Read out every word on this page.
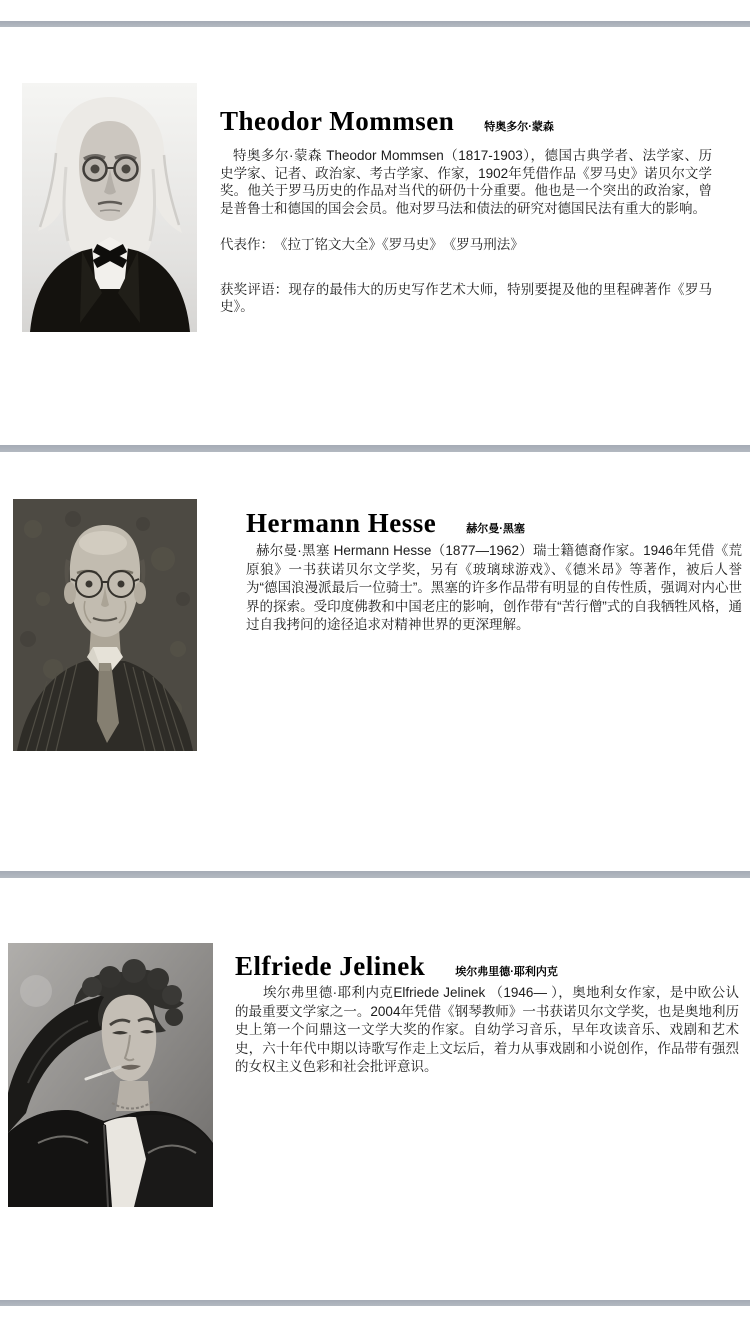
Theodor Mommsen	特奥多尔·蒙森
特奥多尔·蒙森 Theodor Mommsen（1817-1903），德国古典学者、法学家、历史学家、记者、政治家、考古学家、作家，1902年凭借作品《罗马史》诺贝尔文学奖。他关于罗马历史的作品对当代的研仍十分重要。他也是一个突出的政治家，曾是普鲁士和德国的国会会员。他对罗马法和债法的研究对德国民法有重大的影响。
代表作：　《拉丁铭文大全》《罗马史》　《罗马刑法》
获奖评语：现存的最伟大的历史写作艺术大师，特别要提及他的里程碑著作《罗马史》。
Hermann Hesse	赫尔曼·黑塞
赫尔曼·黑塞 Hermann Hesse（1877—1962）瑞士籍德裔作家。1946年凭借《荒原狼》一书获诺贝尔文学奖，另有《玻璃球游戏》、《德米昂》等著作，被后人誉为“德国浪漫派最后一位骑士”。黑塞的许多作品带有明显的自传性质，强调对内心世界的探索。受印度佛教和中国老庄的影响，创作带有“苦行僧”式的自我牺牲风格，通过自我拷问的途径追求对精神世界的更深理解。
Elfriede Jelinek	埃尔弗里德·耶利内克
埃尔弗里德·耶利内克Elfriede Jelinek （1946— ），奥地利女作家，是中欧公认的最重要文学家之一。2004年凭借《钢琴教师》一书获诺贝尔文学奖，也是奥地利历史上第一个问鼎这一文学大奖的作家。自幼学习音乐，早年攻读音乐、戏剧和艺术史，六十年代中期以诗歌写作走上文坛后，着力从事戏剧和小说创作，作品带有强烈的女权主义色彩和社会批评意识。
